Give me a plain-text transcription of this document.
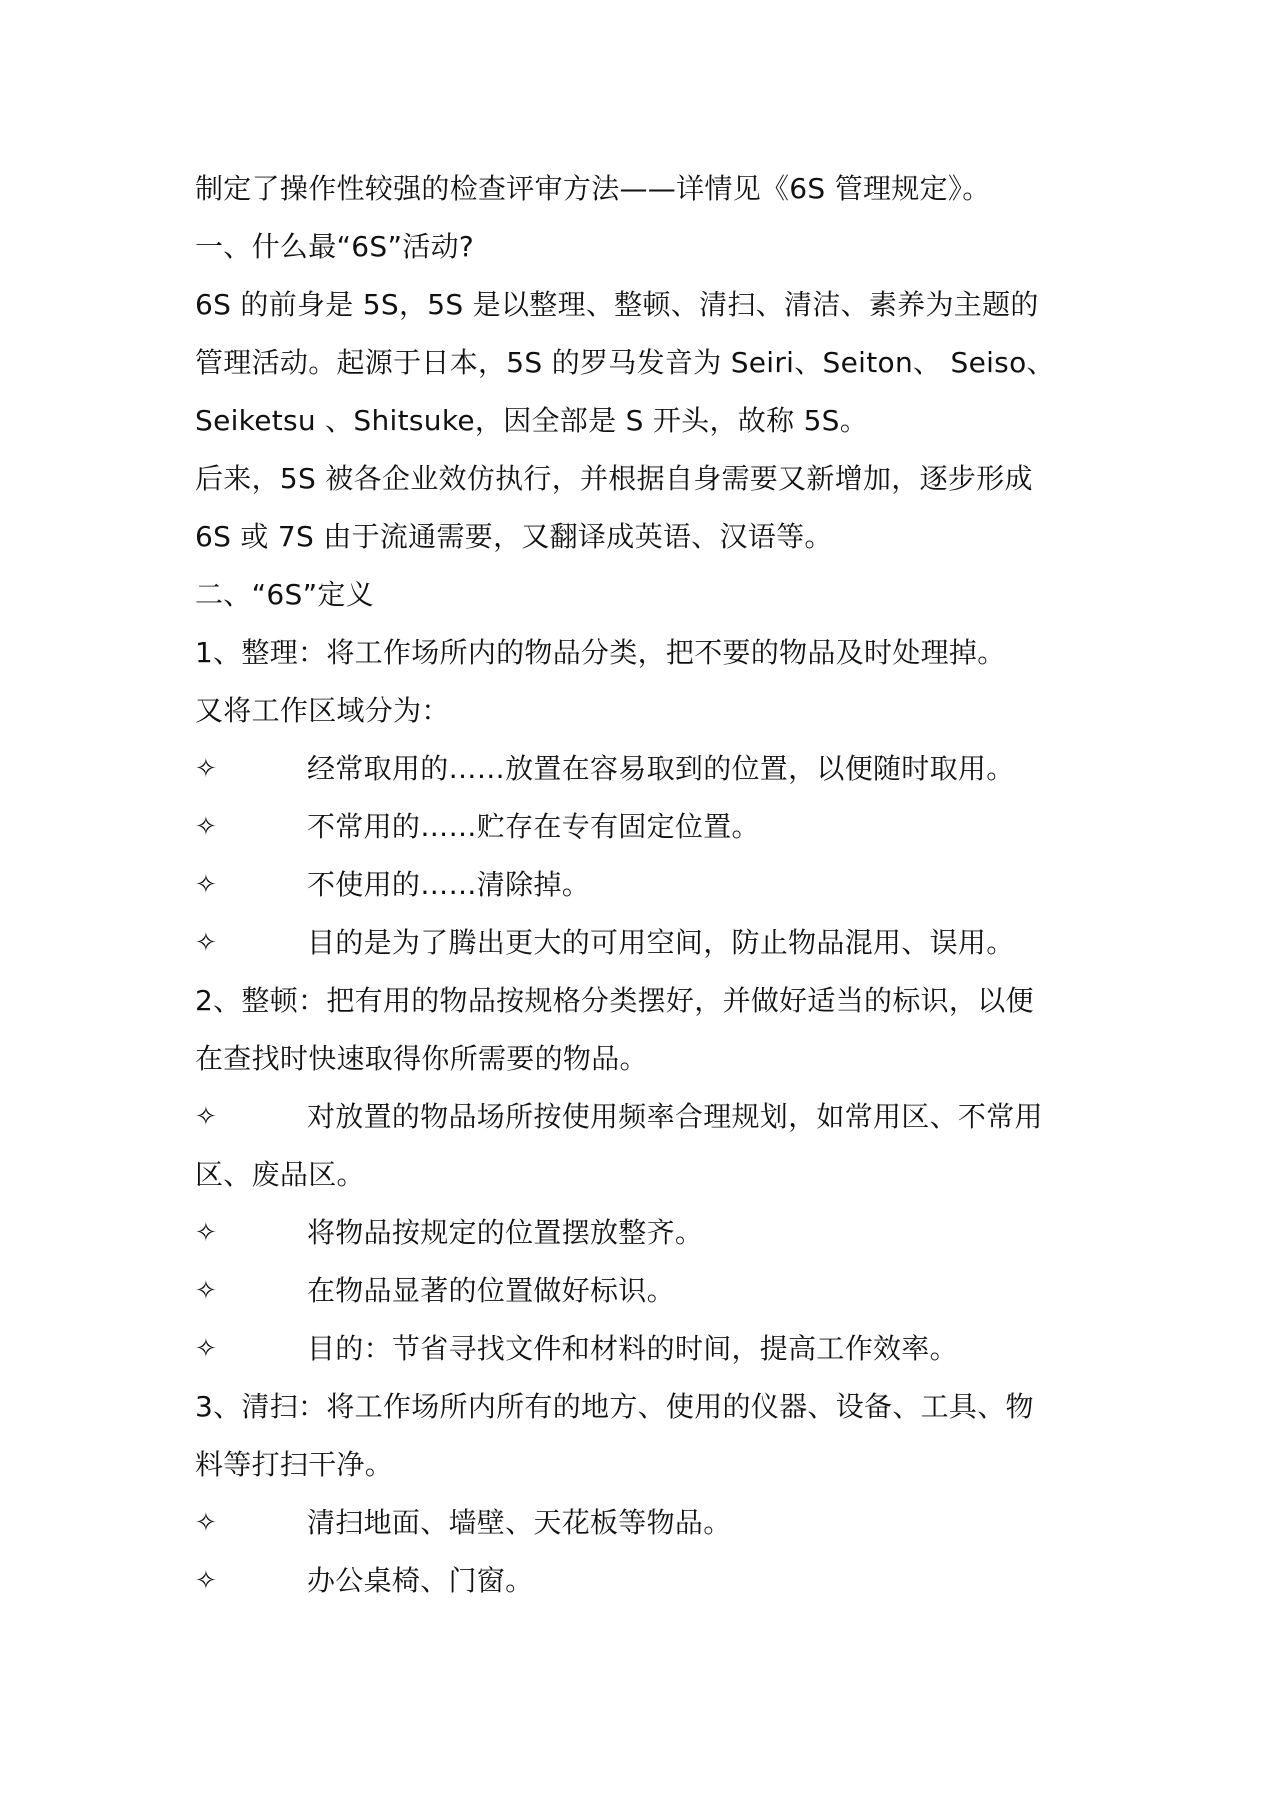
制定了操作性较强的检查评审方法——详情见《6S 管理规定》。
一、什么最“6S”活动?
6S 的前身是 5S，5S 是以整理、整顿、清扫、清洁、素养为主题的
管理活动。起源于日本，5S 的罗马发音为 Seiri、Seiton、 Seiso、
Seiketsu 、Shitsuke，因全部是 S 开头，故称 5S。
后来，5S 被各企业效仿执行，并根据自身需要又新增加，逐步形成
6S 或 7S 由于流通需要，又翻译成英语、汉语等。
二、“6S”定义
1、整理：将工作场所内的物品分类，把不要的物品及时处理掉。
又将工作区域分为：
✧	经常取用的……放置在容易取到的位置，以便随时取用。
✧	不常用的……贮存在专有固定位置。
✧	不使用的……清除掉。
✧	目的是为了腾出更大的可用空间，防止物品混用、误用。
2、整顿：把有用的物品按规格分类摆好，并做好适当的标识，以便
在查找时快速取得你所需要的物品。
✧	对放置的物品场所按使用频率合理规划，如常用区、不常用
区、废品区。
✧	将物品按规定的位置摆放整齐。
✧	在物品显著的位置做好标识。
✧	目的：节省寻找文件和材料的时间，提高工作效率。
3、清扫：将工作场所内所有的地方、使用的仪器、设备、工具、物
料等打扫干净。
✧	清扫地面、墙壁、天花板等物品。
✧	办公桌椅、门窗。
